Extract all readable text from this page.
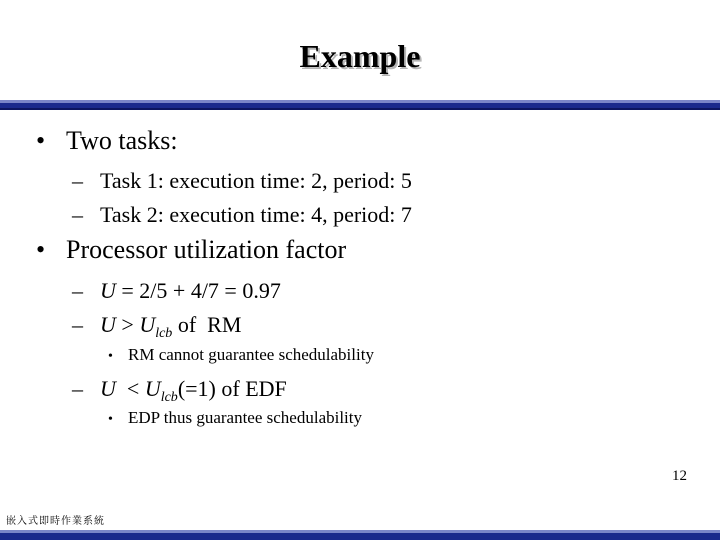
Example
• Two tasks:
– Task 1: execution time: 2, period: 5
– Task 2: execution time: 4, period: 7
• Processor utilization factor
– U = 2/5 + 4/7 = 0.97
– $U > U_{lcb}$ of  RM
• RM cannot guarantee schedulability
– $U < U_{lcb}(=1)$ of EDF
• EDP thus guarantee schedulability
12
嵌入式即時作業系統
